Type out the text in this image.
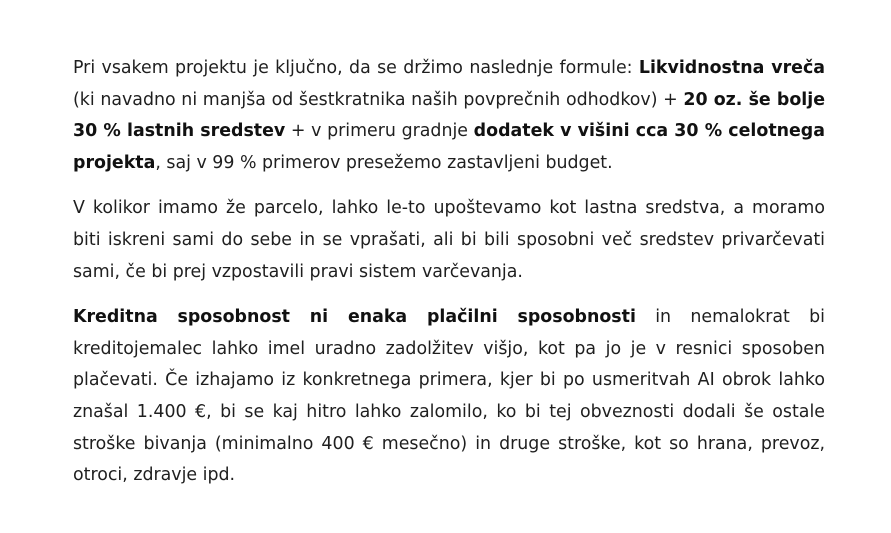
Pri vsakem projektu je ključno, da se držimo naslednje formule: Likvidnostna vreča (ki navadno ni manjša od šestkratnika naših povprečnih odhodkov) + 20 oz. še bolje 30 % lastnih sredstev + v primeru gradnje dodatek v višini cca 30 % celotnega projekta, saj v 99 % primerov presežemo zastavljeni budget.

V kolikor imamo že parcelo, lahko le-to upoštevamo kot lastna sredstva, a moramo biti iskreni sami do sebe in se vprašati, ali bi bili sposobni več sredstev privarčevati sami, če bi prej vzpostavili pravi sistem varčevanja.

Kreditna sposobnost ni enaka plačilni sposobnosti in nemalokrat bi kreditojemalec lahko imel uradno zadolžitev višjo, kot pa jo je v resnici sposoben plačevati. Če izhajamo iz konkretnega primera, kjer bi po usmeritvah AI obrok lahko znašal 1.400 €, bi se kaj hitro lahko zalomilo, ko bi tej obveznosti dodali še ostale stroške bivanja (minimalno 400 € mesečno) in druge stroške, kot so hrana, prevoz, otroci, zdravje ipd.
